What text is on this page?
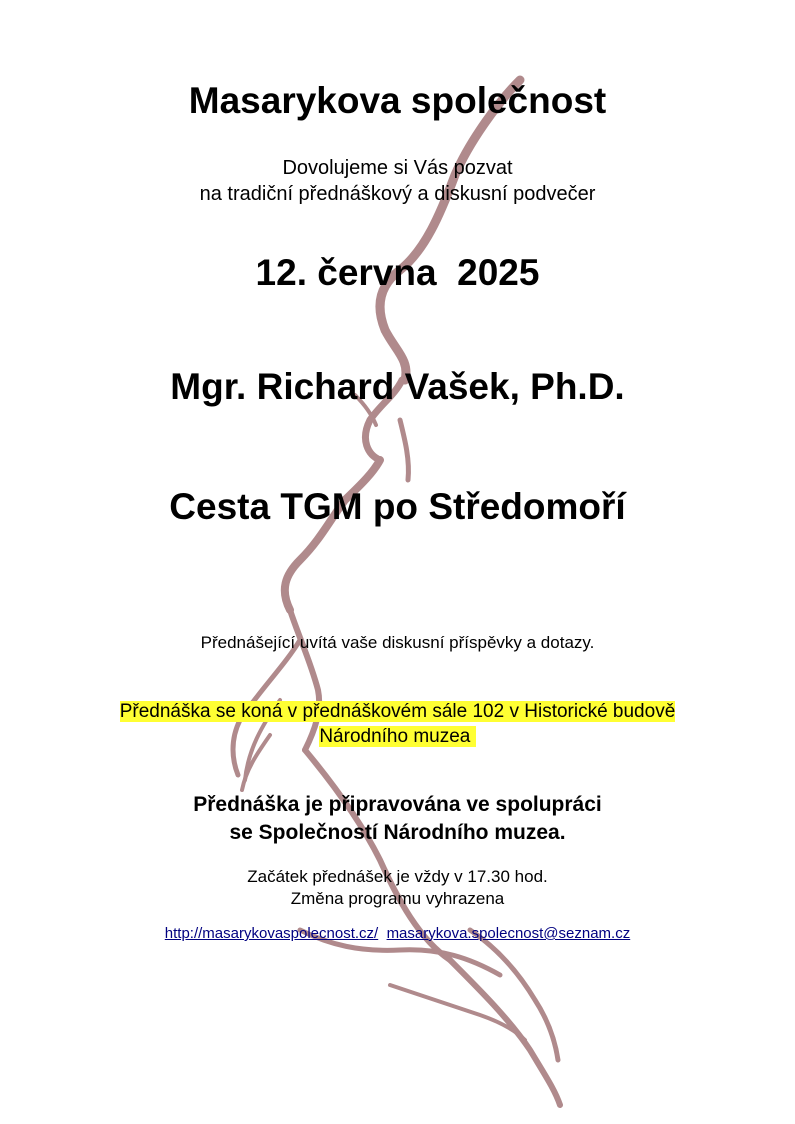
Masarykova společnost
Dovolujeme si Vás pozvat
na tradiční přednáškový a diskusní podvečer
12. června  2025
Mgr. Richard Vašek, Ph.D.
Cesta TGM po Středomoří
Přednášející uvítá vaše diskusní příspěvky a dotazy.
Přednáška se koná v přednáškovém sále 102 v Historické budově
Národního muzea
Přednáška je připravována ve spolupráci
se Společností Národního muzea.
Začátek přednášek je vždy v 17.30 hod.
Změna programu vyhrazena
http://masarykovaspolecnost.cz/ masarykova.spolecnost@seznam.cz
